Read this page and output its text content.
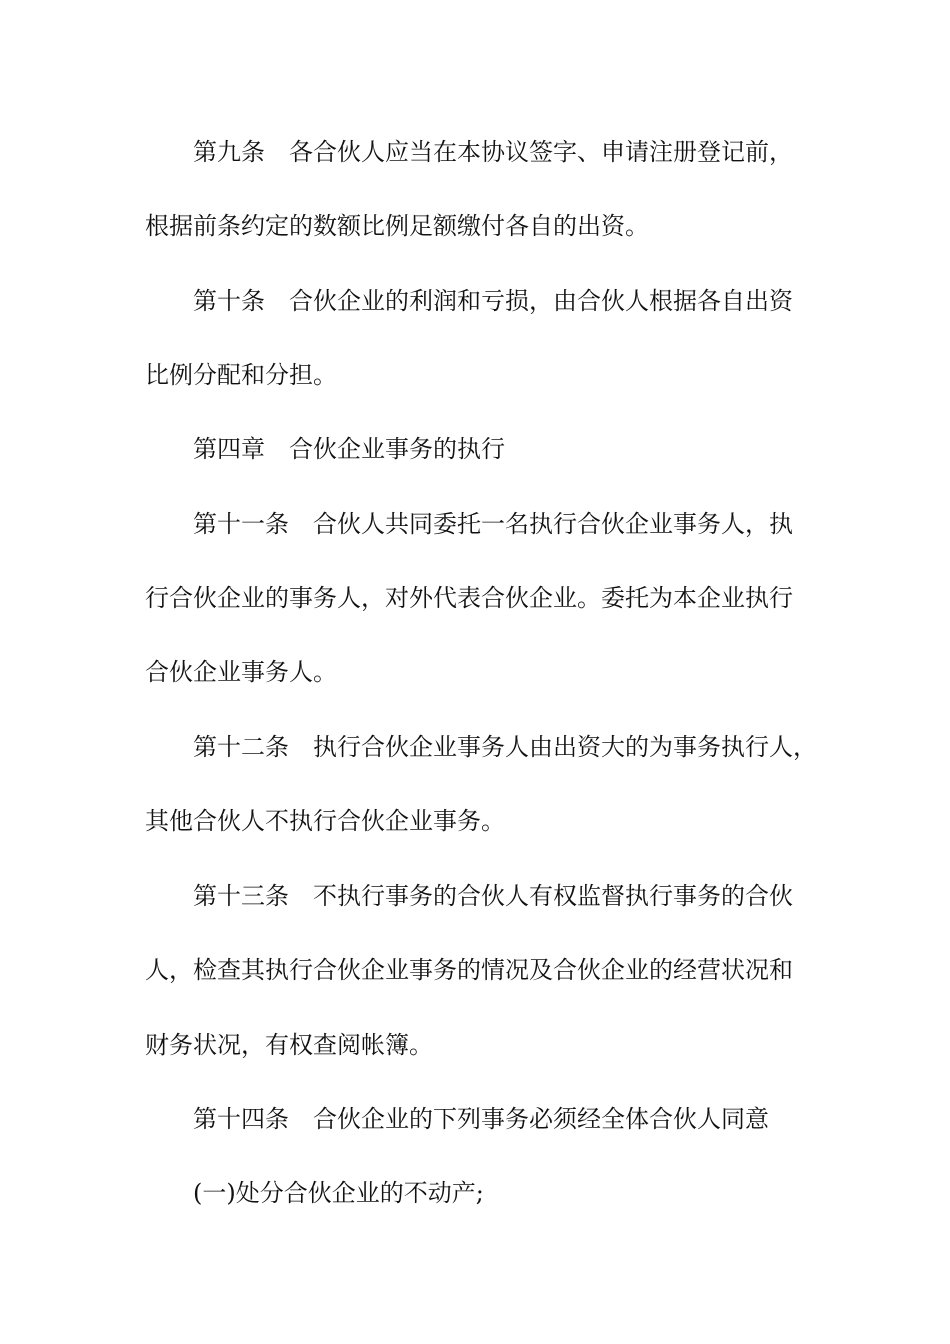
第九条　各合伙人应当在本协议签字、申请注册登记前，
根据前条约定的数额比例足额缴付各自的出资。
第十条　合伙企业的利润和亏损，由合伙人根据各自出资
比例分配和分担。
第四章　合伙企业事务的执行
第十一条　合伙人共同委托一名执行合伙企业事务人，执
行合伙企业的事务人，对外代表合伙企业。委托为本企业执行
合伙企业事务人。
第十二条　执行合伙企业事务人由出资大的为事务执行人，
其他合伙人不执行合伙企业事务。
第十三条　不执行事务的合伙人有权监督执行事务的合伙
人，检查其执行合伙企业事务的情况及合伙企业的经营状况和
财务状况，有权查阅帐簿。
第十四条　合伙企业的下列事务必须经全体合伙人同意
(一)处分合伙企业的不动产;
